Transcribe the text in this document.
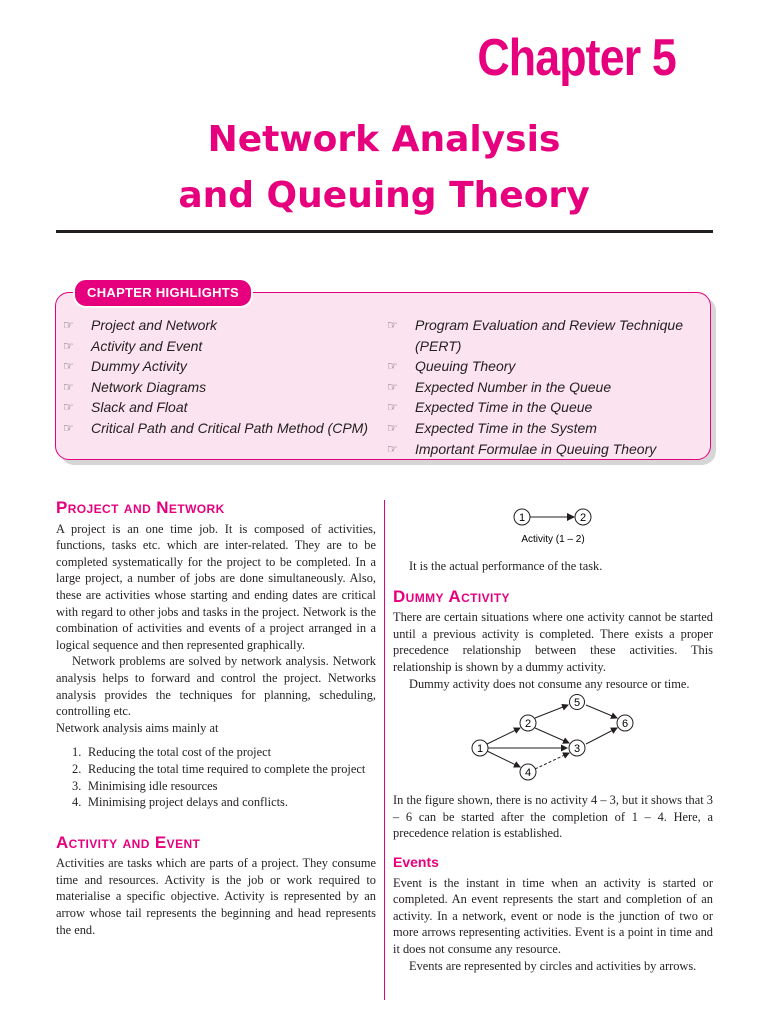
Chapter 5
Network Analysis
and Queuing Theory
CHAPTER HIGHLIGHTS
☞ Project and Network
☞ Activity and Event
☞ Dummy Activity
☞ Network Diagrams
☞ Slack and Float
☞ Critical Path and Critical Path Method (CPM)
☞ Program Evaluation and Review Technique (PERT)
☞ Queuing Theory
☞ Expected Number in the Queue
☞ Expected Time in the Queue
☞ Expected Time in the System
☞ Important Formulae in Queuing Theory
Project and Network

A project is an one time job. It is composed of activities, functions, tasks etc. which are inter-related. They are to be completed systematically for the project to be completed. In a large project, a number of jobs are done simultaneously. Also, these are activities whose starting and ending dates are critical with regard to other jobs and tasks in the project. Network is the combination of activities and events of a project arranged in a logical sequence and then represented graphically.

Network problems are solved by network analysis. Network analysis helps to forward and control the project. Networks analysis provides the techniques for planning, scheduling, controlling etc.

Network analysis aims mainly at

1. Reducing the total cost of the project
2. Reducing the total time required to complete the project
3. Minimising idle resources
4. Minimising project delays and conflicts.
Activity and Event

Activities are tasks which are parts of a project. They consume time and resources. Activity is the job or work required to materialise a specific objective. Activity is represented by an arrow whose tail represents the beginning and head represents the end.

1	2
Activity (1 – 2)

It is the actual performance of the task.

Dummy Activity

There are certain situations where one activity cannot be started until a previous activity is completed. There exists a proper precedence relationship between these activities. This relationship is shown by a dummy activity.

Dummy activity does not consume any resource or time.

1
2
3
4
5
6

In the figure shown, there is no activity 4 – 3, but it shows that 3 – 6 can be started after the completion of 1 – 4. Here, a precedence relation is established.

Events

Event is the instant in time when an activity is started or completed. An event represents the start and completion of an activity. In a network, event or node is the junction of two or more arrows representing activities. Event is a point in time and it does not consume any resource.

Events are represented by circles and activities by arrows.
